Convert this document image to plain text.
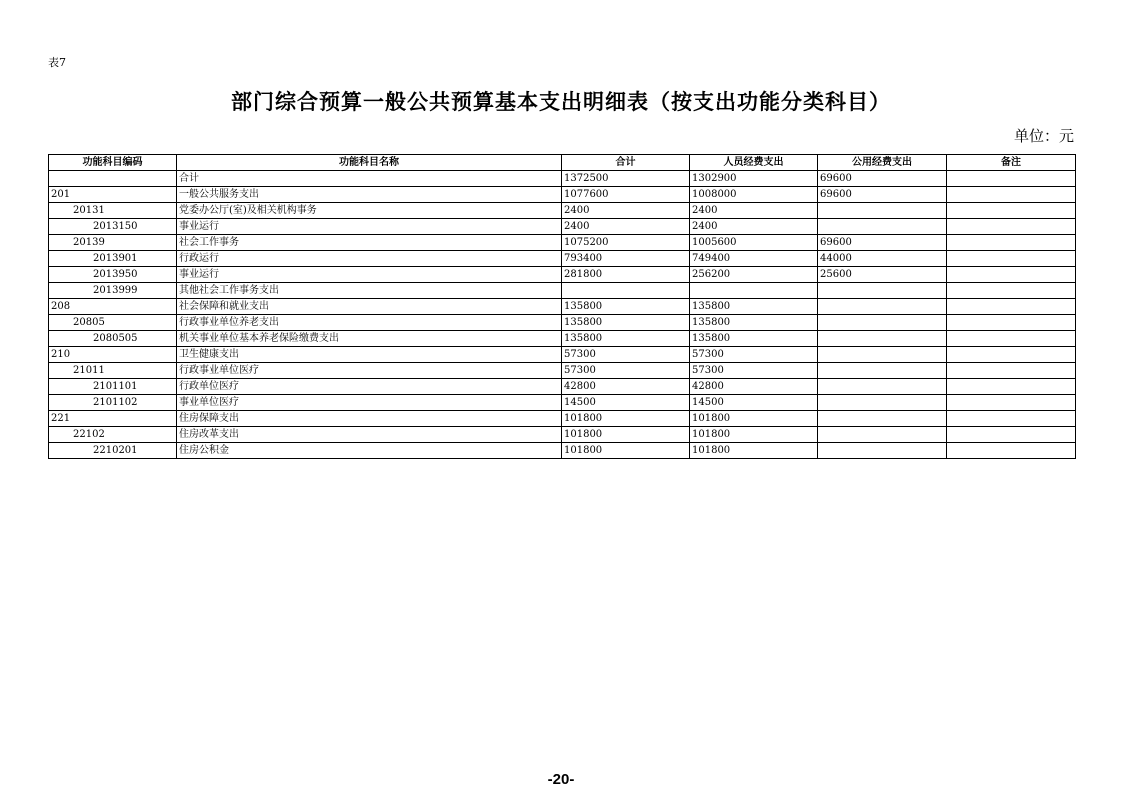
表7
部门综合预算一般公共预算基本支出明细表（按支出功能分类科目）
单位：元
功能科目编码	功能科目名称	合计	人员经费支出	公用经费支出	备注
	合计	1372500	1302900	69600	
201	一般公共服务支出	1077600	1008000	69600	
20131	党委办公厅(室)及相关机构事务	2400	2400		
2013150	事业运行	2400	2400		
20139	社会工作事务	1075200	1005600	69600	
2013901	行政运行	793400	749400	44000	
2013950	事业运行	281800	256200	25600	
2013999	其他社会工作事务支出				
208	社会保障和就业支出	135800	135800		
20805	行政事业单位养老支出	135800	135800		
2080505	机关事业单位基本养老保险缴费支出	135800	135800		
210	卫生健康支出	57300	57300		
21011	行政事业单位医疗	57300	57300		
2101101	行政单位医疗	42800	42800		
2101102	事业单位医疗	14500	14500		
221	住房保障支出	101800	101800		
22102	住房改革支出	101800	101800		
2210201	住房公积金	101800	101800		
-20-
